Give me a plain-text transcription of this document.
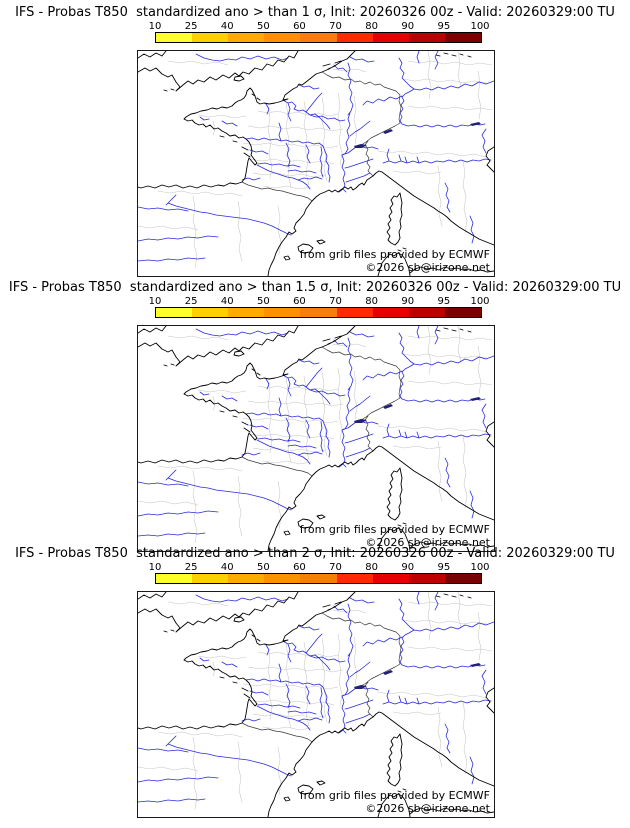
IFS - Probas T850  standardized ano > than 1 σ, Init: 20260326 00z - Valid: 20260329:00 TU
10 25 40 50 60 70 80 90 95 100
from grib files provided by ECMWF
©2026 sb@irizone.net
IFS - Probas T850  standardized ano > than 1.5 σ, Init: 20260326 00z - Valid: 20260329:00 TU
10 25 40 50 60 70 80 90 95 100
from grib files provided by ECMWF
©2026 sb@irizone.net
IFS - Probas T850  standardized ano > than 2 σ, Init: 20260326 00z - Valid: 20260329:00 TU
10 25 40 50 60 70 80 90 95 100
from grib files provided by ECMWF
©2026 sb@irizone.net
